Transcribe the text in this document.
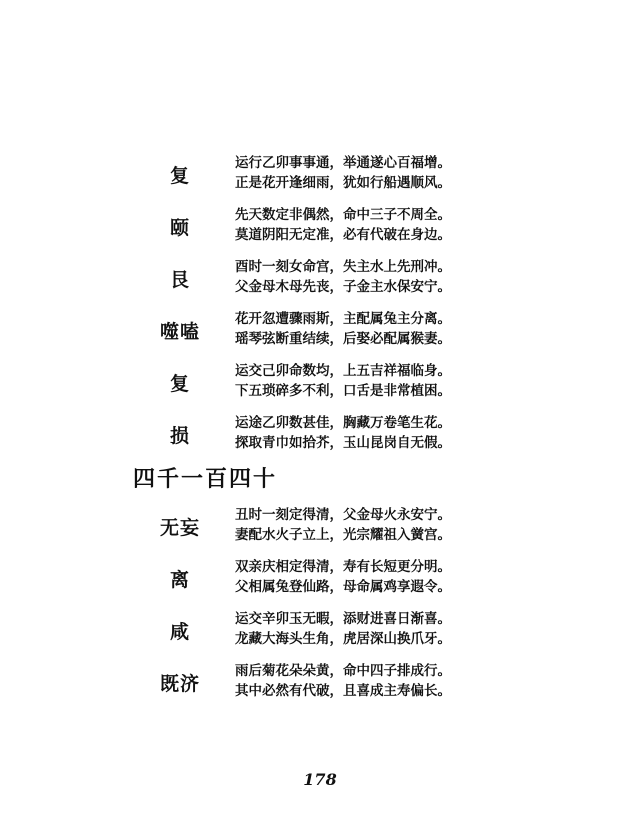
复
运行乙卯事事通，举通遂心百福增。
正是花开逢细雨，犹如行船遇顺风。
颐
先天数定非偶然，命中三子不周全。
莫道阴阳无定准，必有代破在身边。
艮
酉时一刻女命宫，失主水上先刑冲。
父金母木母先丧，子金主水保安宁。
噬嗑
花开忽遭骤雨斯，主配属兔主分离。
瑶琴弦断重结续，后娶必配属猴妻。
复
运交己卯命数均，上五吉祥福临身。
下五琐碎多不利，口舌是非常植困。
损
运途乙卯数甚佳，胸藏万卷笔生花。
探取青巾如拾芥，玉山昆岗自无假。
四千一百四十
无妄
丑时一刻定得清，父金母火永安宁。
妻配水火子立上，光宗耀祖入黉宫。
离
双亲庆相定得清，寿有长短更分明。
父相属兔登仙路，母命属鸡享遐令。
咸
运交辛卯玉无暇，添财进喜日渐喜。
龙藏大海头生角，虎居深山换爪牙。
既济
雨后菊花朵朵黄，命中四子排成行。
其中必然有代破，且喜成主寿偏长。
178
